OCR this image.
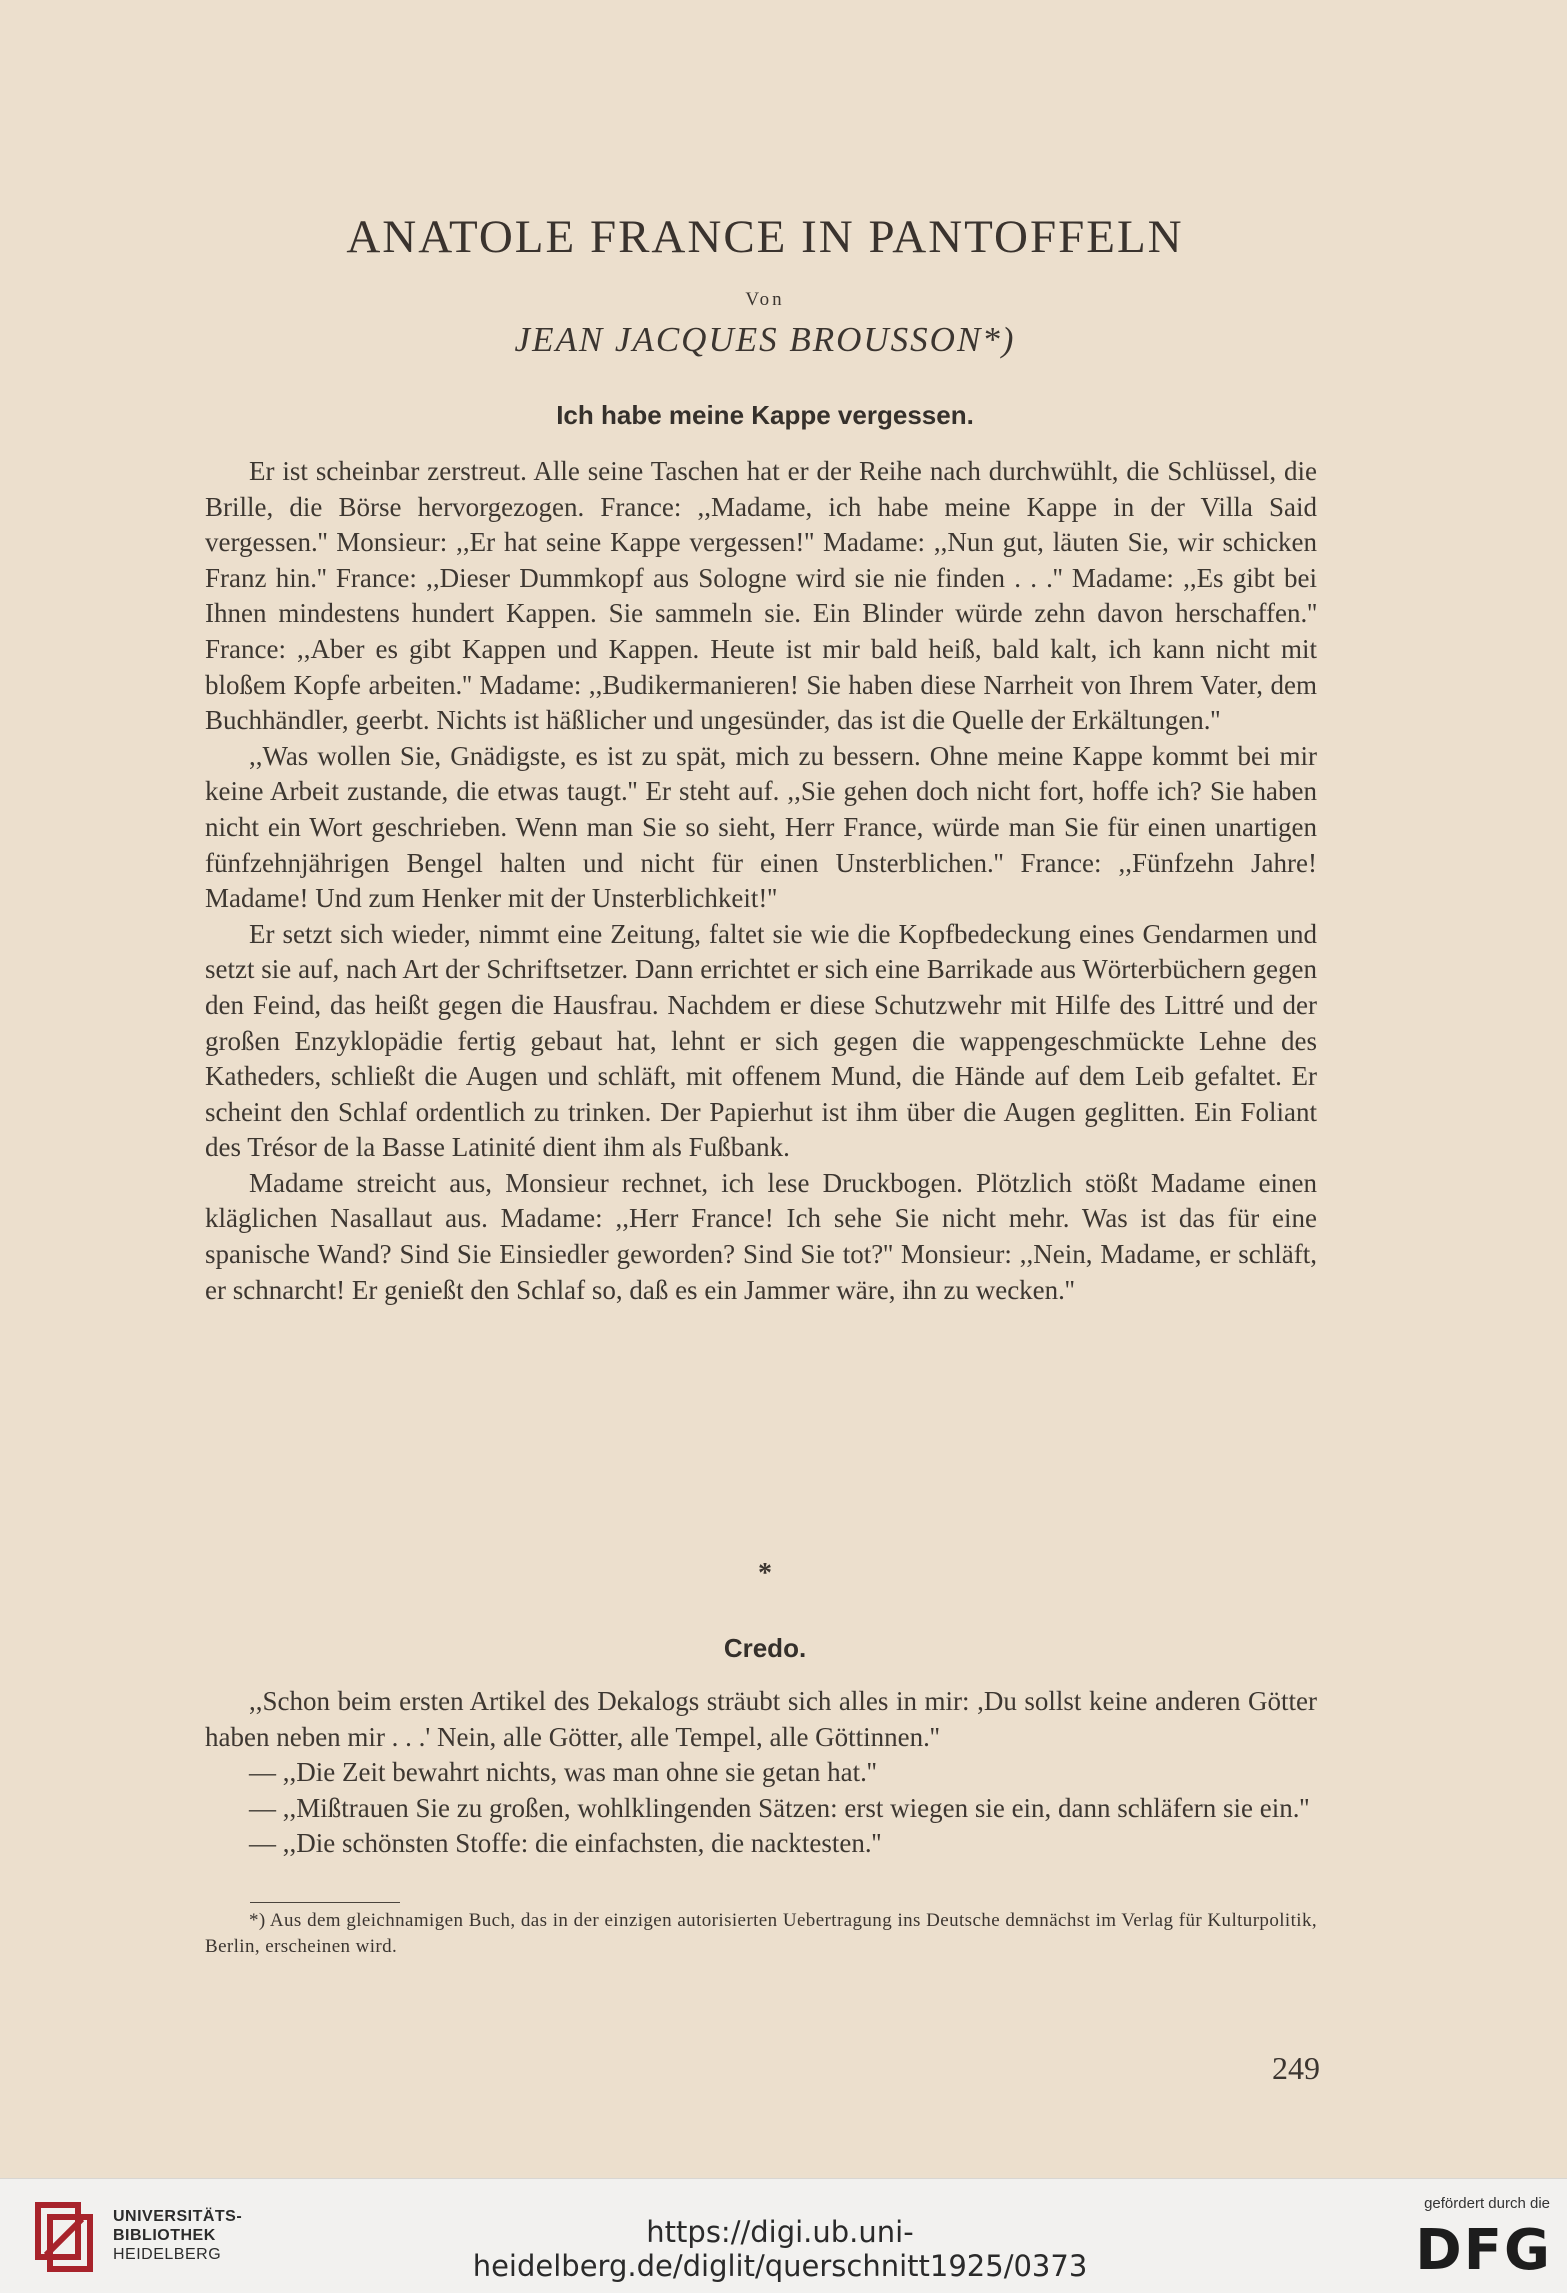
ANATOLE FRANCE IN PANTOFFELN
Von
JEAN JACQUES BROUSSON*)
Ich habe meine Kappe vergessen.

Er ist scheinbar zerstreut. Alle seine Taschen hat er der Reihe nach durchwühlt, die Schlüssel, die Brille, die Börse hervorgezogen. France: ,,Madame, ich habe meine Kappe in der Villa Said vergessen.'' Monsieur: ,,Er hat seine Kappe vergessen!'' Madame: ,,Nun gut, läuten Sie, wir schicken Franz hin.'' France: ,,Dieser Dummkopf aus Sologne wird sie nie finden . . .'' Madame: ,,Es gibt bei Ihnen mindestens hundert Kappen. Sie sammeln sie. Ein Blinder würde zehn davon herschaffen.'' France: ,,Aber es gibt Kappen und Kappen. Heute ist mir bald heiß, bald kalt, ich kann nicht mit bloßem Kopfe arbeiten.'' Madame: ,,Budikermanieren! Sie haben diese Narrheit von Ihrem Vater, dem Buchhändler, geerbt. Nichts ist häßlicher und ungesünder, das ist die Quelle der Erkältungen.''

,,Was wollen Sie, Gnädigste, es ist zu spät, mich zu bessern. Ohne meine Kappe kommt bei mir keine Arbeit zustande, die etwas taugt.'' Er steht auf. ,,Sie gehen doch nicht fort, hoffe ich? Sie haben nicht ein Wort geschrieben. Wenn man Sie so sieht, Herr France, würde man Sie für einen unartigen fünfzehnjährigen Bengel halten und nicht für einen Unsterblichen.'' France: ,,Fünfzehn Jahre! Madame! Und zum Henker mit der Unsterblichkeit!''

Er setzt sich wieder, nimmt eine Zeitung, faltet sie wie die Kopfbedeckung eines Gendarmen und setzt sie auf, nach Art der Schriftsetzer. Dann errichtet er sich eine Barrikade aus Wörterbüchern gegen den Feind, das heißt gegen die Hausfrau. Nachdem er diese Schutzwehr mit Hilfe des Littré und der großen Enzyklopädie fertig gebaut hat, lehnt er sich gegen die wappengeschmückte Lehne des Katheders, schließt die Augen und schläft, mit offenem Mund, die Hände auf dem Leib gefaltet. Er scheint den Schlaf ordentlich zu trinken. Der Papierhut ist ihm über die Augen geglitten. Ein Foliant des Trésor de la Basse Latinité dient ihm als Fußbank.

Madame streicht aus, Monsieur rechnet, ich lese Druckbogen. Plötzlich stößt Madame einen kläglichen Nasallaut aus. Madame: ,,Herr France! Ich sehe Sie nicht mehr. Was ist das für eine spanische Wand? Sind Sie Einsiedler geworden? Sind Sie tot?'' Monsieur: ,,Nein, Madame, er schläft, er schnarcht! Er genießt den Schlaf so, daß es ein Jammer wäre, ihn zu wecken.''

*
Credo.

,,Schon beim ersten Artikel des Dekalogs sträubt sich alles in mir: ,Du sollst keine anderen Götter haben neben mir . . .' Nein, alle Götter, alle Tempel, alle Göttinnen.''

— ,,Die Zeit bewahrt nichts, was man ohne sie getan hat.''

— ,,Mißtrauen Sie zu großen, wohlklingenden Sätzen: erst wiegen sie ein, dann schläfern sie ein.''

— ,,Die schönsten Stoffe: die einfachsten, die nacktesten.''

*) Aus dem gleichnamigen Buch, das in der einzigen autorisierten Uebertragung ins Deutsche demnächst im Verlag für Kulturpolitik, Berlin, erscheinen wird.

249
UNIVERSITÄTS-
BIBLIOTHEK
HEIDELBERG
https://digi.ub.uni-heidelberg.de/diglit/querschnitt1925/0373
gefördert durch die
DFG
